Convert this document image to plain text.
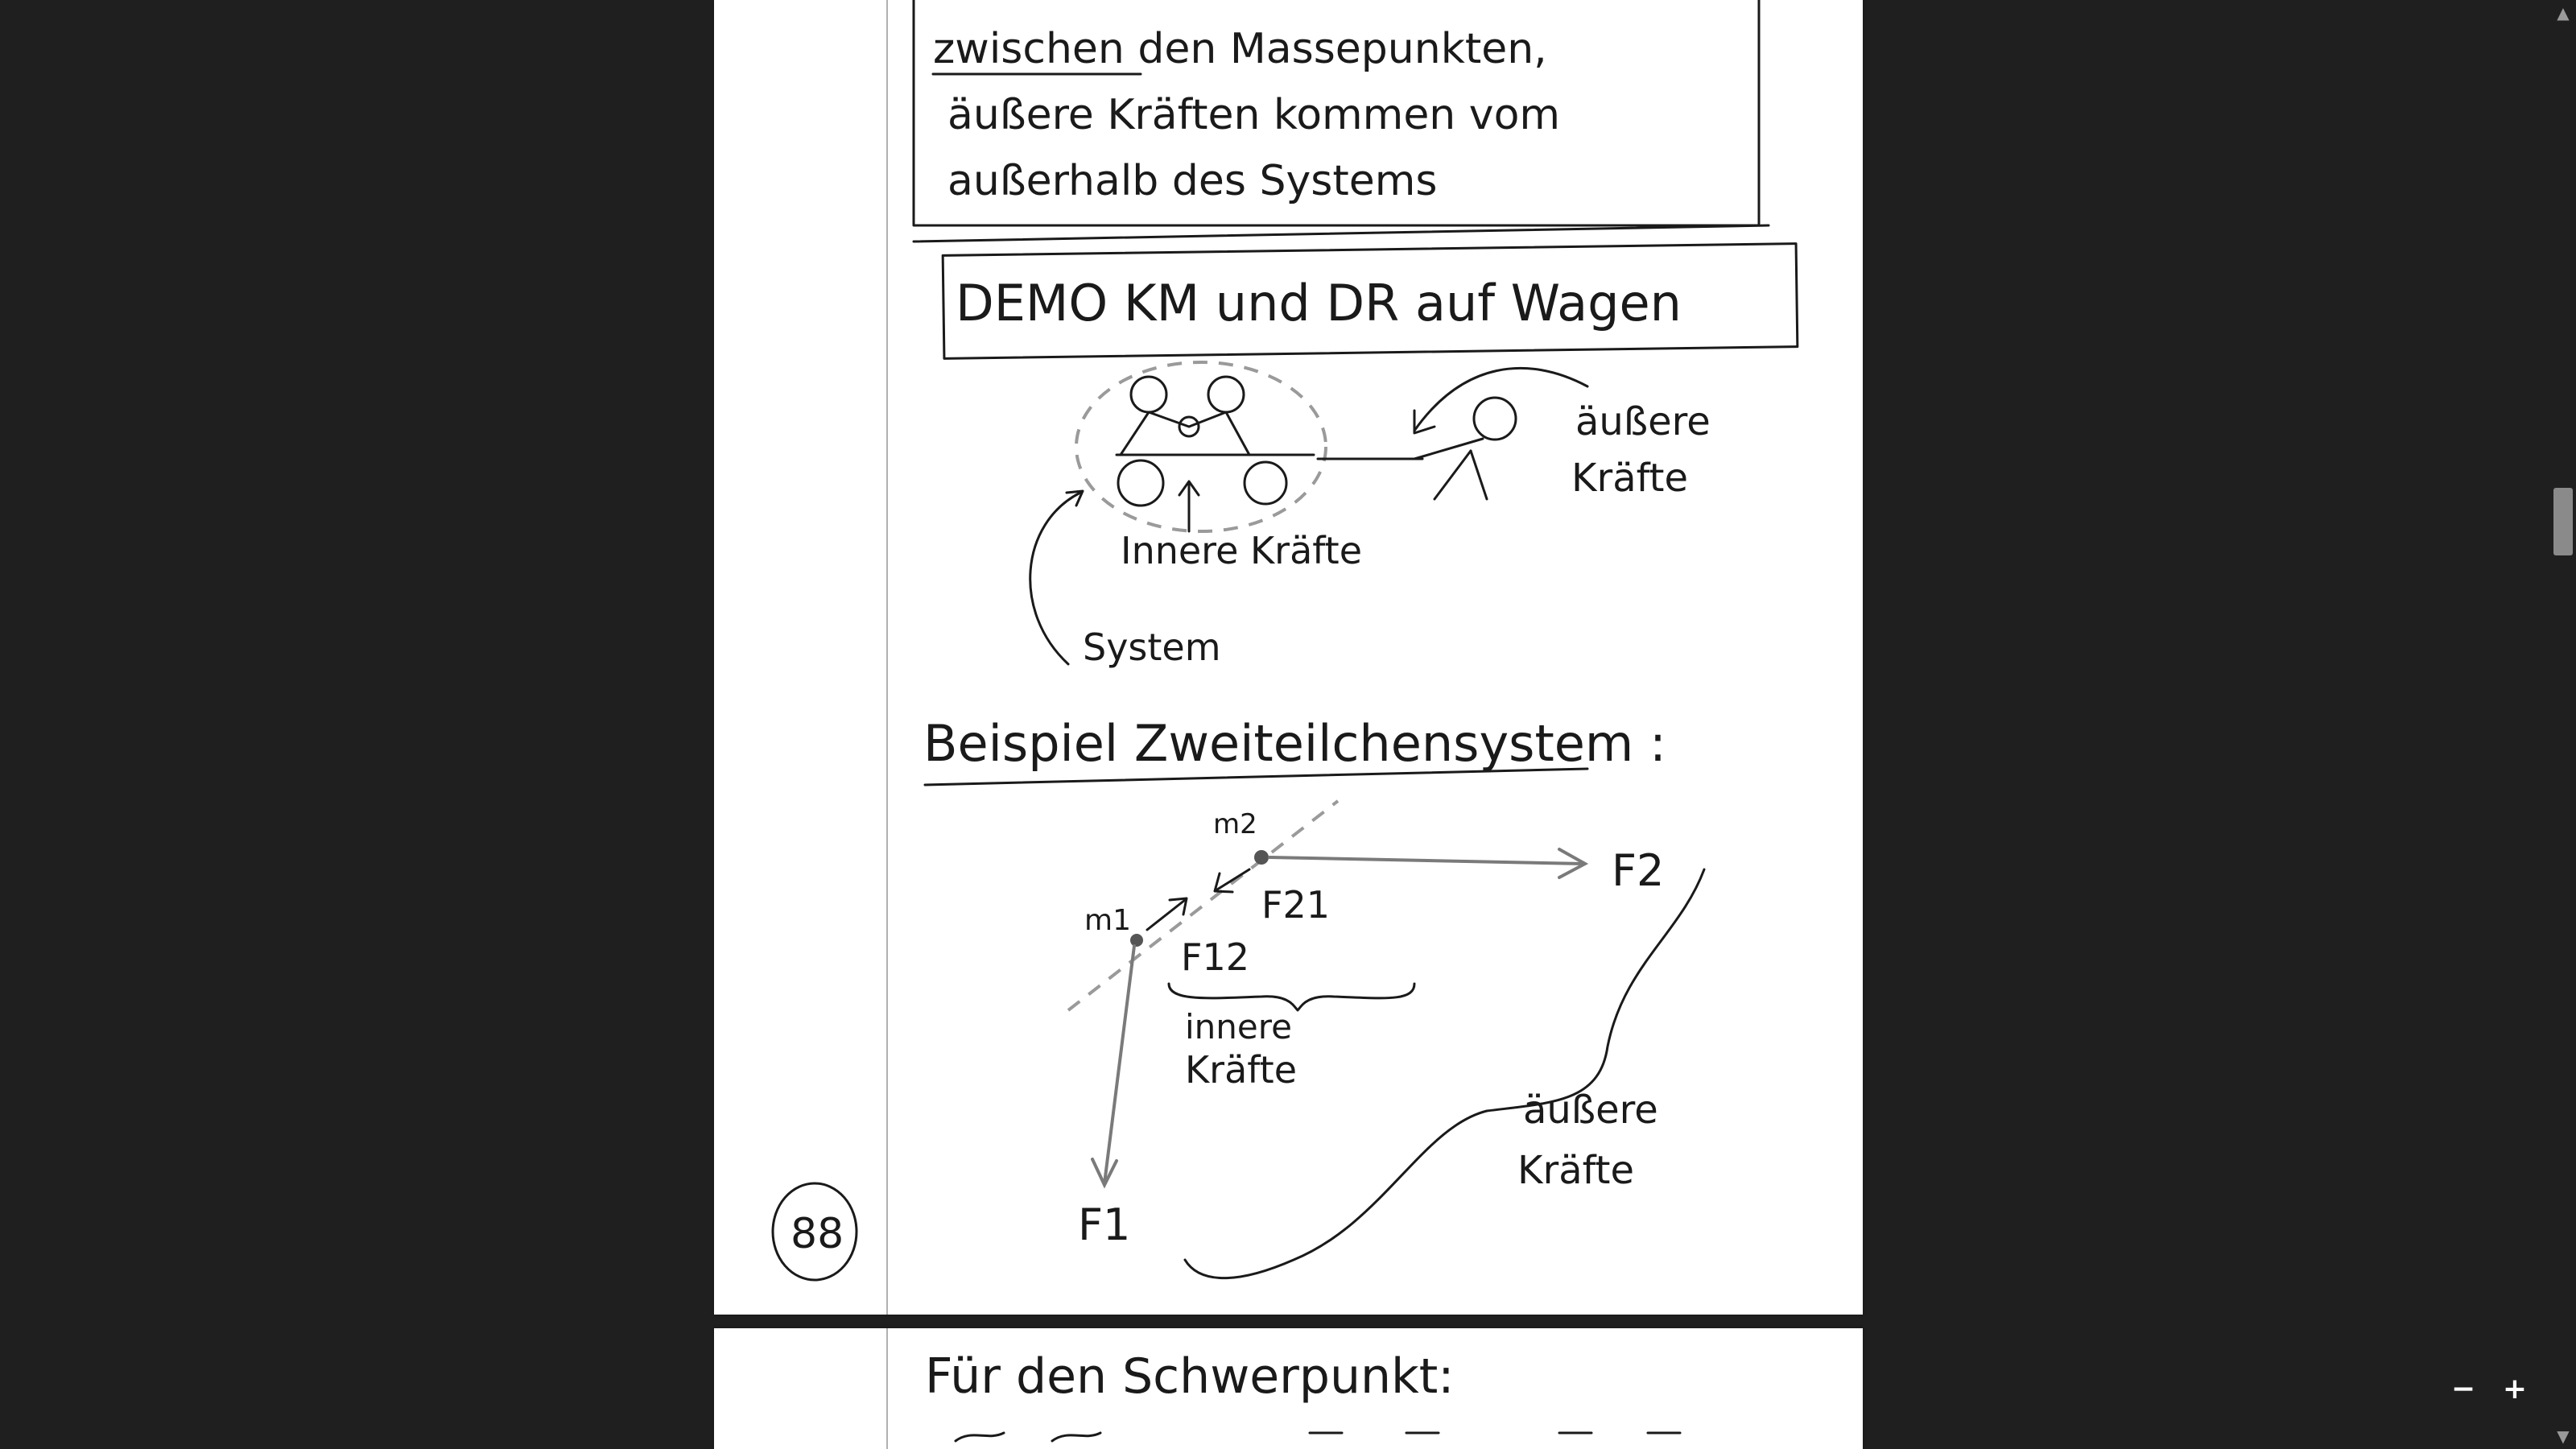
zwischen den Massepunkten,
äußere Kräften kommen vom
außerhalb des Systems
DEMO KM und DR auf Wagen
äußere
Kräfte
Innere Kräfte
System
Beispiel Zweiteilchensystem :
m2
m1	F21
F12
F2
F1
innere
Kräfte
äußere
Kräfte
88
Für den Schwerpunkt:	− +
▲
▼
